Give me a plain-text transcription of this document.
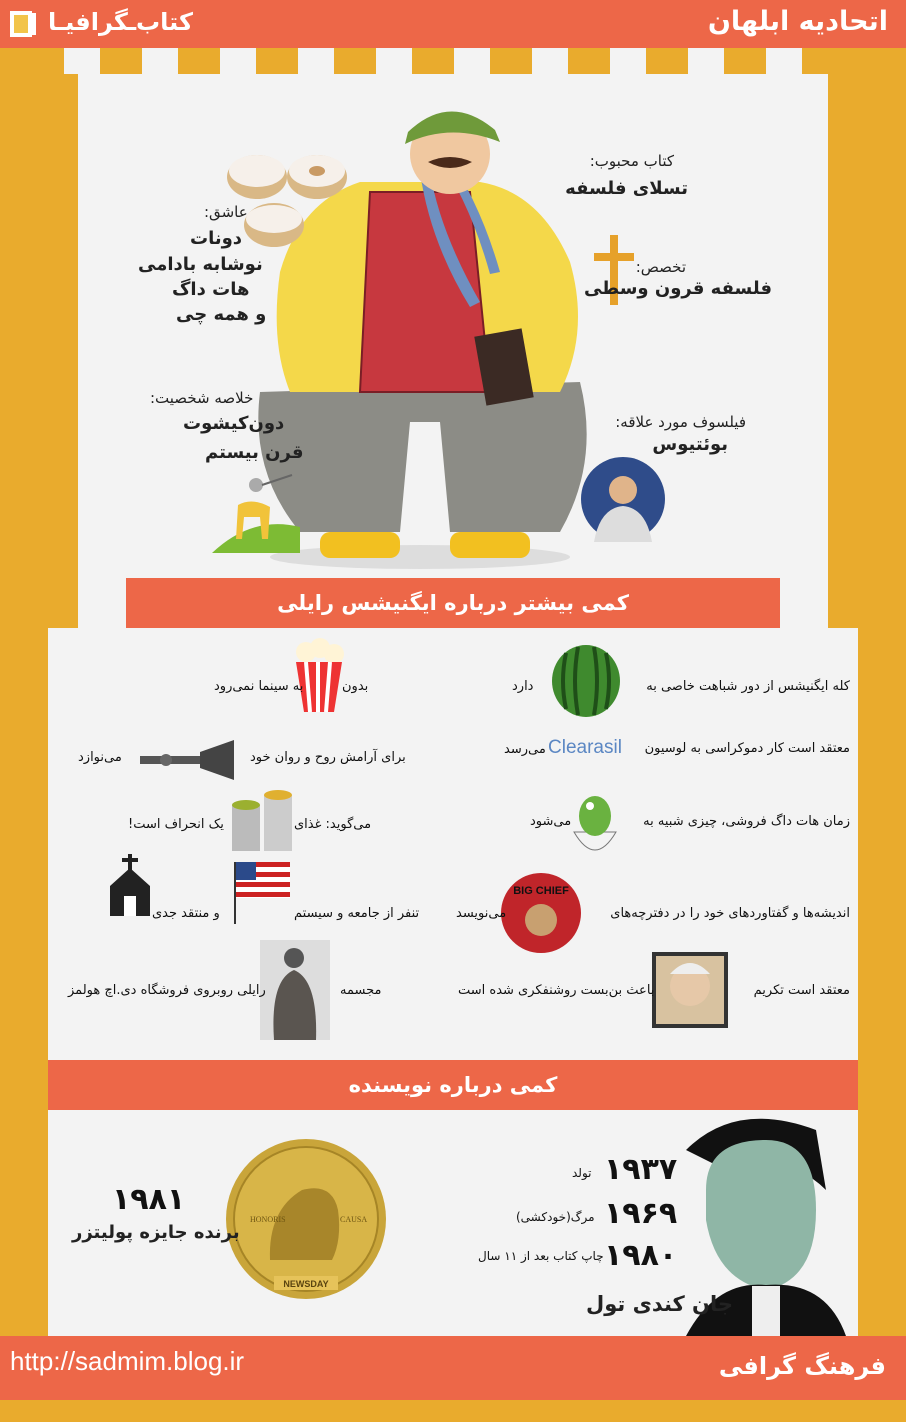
اتحادیه ابلهان
کتاب‌ـگرافیـا
کتاب محبوب:
تسلای فلسفه
تخصص:
فلسفه قرون وسطی
فیلسوف مورد علاقه:
بوئتیوس
عاشق:
دونات
نوشابه بادامی
هات داگ
و همه چی
خلاصه شخصیت:
دون‌کیشوت
قرن بیستم
کمی بیشتر درباره ایگنیشس رایلی
کله ایگنیشس از دور شباهت خاصی به
دارد
معتقد است کار دموکراسی به لوسیون
Clearasil
می‌رسد
زمان هات داگ فروشی، چیزی شبیه به
می‌شود
اندیشه‌ها و گفتاوردهای خود را در دفترچه‌های
BIG CHIEF
می‌نویسد
معتقد است تکریم
باعث بن‌بست روشنفکری شده است
بدون
به سینما نمی‌رود
برای آرامش روح و روان خود
می‌نوازد
می‌گوید: غذای
یک انحراف است!
تنفر از جامعه و سیستم
و منتقد جدی
مجسمه
رایلی روبروی فروشگاه دی.اچ هولمز
کمی درباره نویسنده
HONORIS	CAUSA
NEWSDAY
۱۹۸۱
برنده جایزه پولیتزر
۱۹۳۷
تولد
۱۹۶۹
مرگ(خودکشی)
۱۹۸۰
چاپ کتاب بعد از ۱۱ سال
جان کندی تول
http://sadmim.blog.ir	فرهنگ گرافی
